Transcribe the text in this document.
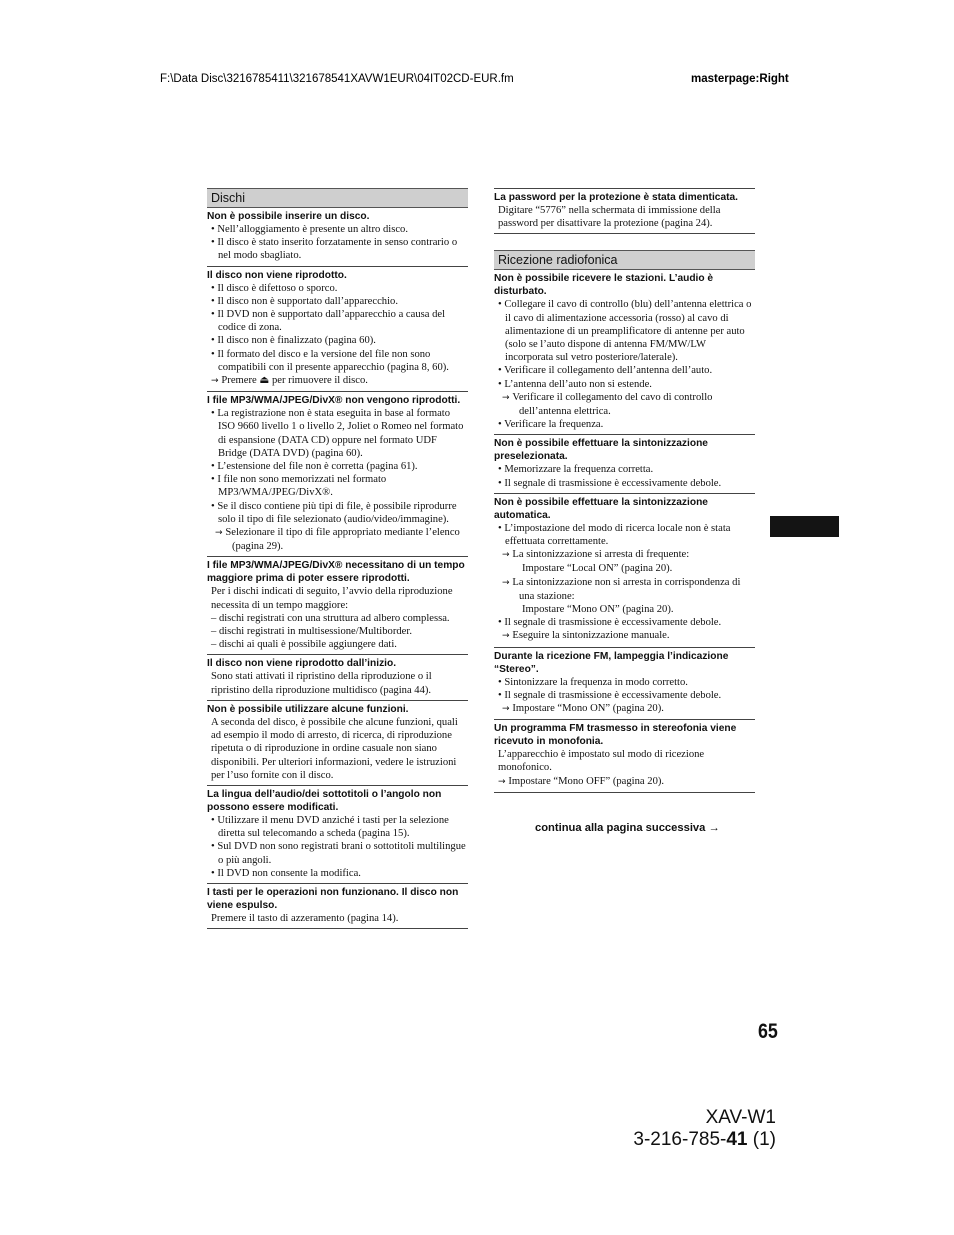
F:\Data Disc\3216785411\321678541XAVW1EUR\04IT02CD-EUR.fm	masterpage:Right
Dischi
Non è possibile inserire un disco.
• Nell’alloggiamento è presente un altro disco.
• Il disco è stato inserito forzatamente in senso contrario o nel modo sbagliato.
Il disco non viene riprodotto.
• Il disco è difettoso o sporco.
• Il disco non è supportato dall’apparecchio.
• Il DVD non è supportato dall’apparecchio a causa del codice di zona.
• Il disco non è finalizzato (pagina 60).
• Il formato del disco e la versione del file non sono compatibili con il presente apparecchio (pagina 8, 60).
→ Premere ⏏ per rimuovere il disco.
I file MP3/WMA/JPEG/DivX® non vengono riprodotti.
• La registrazione non è stata eseguita in base al formato ISO 9660 livello 1 o livello 2, Joliet o Romeo nel formato di espansione (DATA CD) oppure nel formato UDF Bridge (DATA DVD) (pagina 60).
• L’estensione del file non è corretta (pagina 61).
• I file non sono memorizzati nel formato MP3/WMA/JPEG/DivX®.
• Se il disco contiene più tipi di file, è possibile riprodurre solo il tipo di file selezionato (audio/video/immagine).
→ Selezionare il tipo di file appropriato mediante l’elenco (pagina 29).
I file MP3/WMA/JPEG/DivX® necessitano di un tempo maggiore prima di poter essere riprodotti.
Per i dischi indicati di seguito, l’avvio della riproduzione necessita di un tempo maggiore:
– dischi registrati con una struttura ad albero complessa.
– dischi registrati in multisessione/Multiborder.
– dischi ai quali è possibile aggiungere dati.
Il disco non viene riprodotto dall’inizio.
Sono stati attivati il ripristino della riproduzione o il ripristino della riproduzione multidisco (pagina 44).
Non è possibile utilizzare alcune funzioni.
A seconda del disco, è possibile che alcune funzioni, quali ad esempio il modo di arresto, di ricerca, di riproduzione ripetuta o di riproduzione in ordine casuale non siano disponibili. Per ulteriori informazioni, vedere le istruzioni per l’uso fornite con il disco.
La lingua dell’audio/dei sottotitoli o l’angolo non possono essere modificati.
• Utilizzare il menu DVD anziché i tasti per la selezione diretta sul telecomando a scheda (pagina 15).
• Sul DVD non sono registrati brani o sottotitoli multilingue o più angoli.
• Il DVD non consente la modifica.
I tasti per le operazioni non funzionano. Il disco non viene espulso.
Premere il tasto di azzeramento (pagina 14).
La password per la protezione è stata dimenticata.
Digitare “5776” nella schermata di immissione della password per disattivare la protezione (pagina 24).
Ricezione radiofonica
Non è possibile ricevere le stazioni. L’audio è disturbato.
• Collegare il cavo di controllo (blu) dell’antenna elettrica o il cavo di alimentazione accessoria (rosso) al cavo di alimentazione di un preamplificatore di antenne per auto (solo se l’auto dispone di antenna FM/MW/LW incorporata sul vetro posteriore/laterale).
• Verificare il collegamento dell’antenna dell’auto.
• L’antenna dell’auto non si estende.
→ Verificare il collegamento del cavo di controllo dell’antenna elettrica.
• Verificare la frequenza.
Non è possibile effettuare la sintonizzazione preselezionata.
• Memorizzare la frequenza corretta.
• Il segnale di trasmissione è eccessivamente debole.
Non è possibile effettuare la sintonizzazione automatica.
• L’impostazione del modo di ricerca locale non è stata effettuata correttamente.
→ La sintonizzazione si arresta di frequente:
Impostare “Local ON” (pagina 20).
→ La sintonizzazione non si arresta in corrispondenza di una stazione:
Impostare “Mono ON” (pagina 20).
• Il segnale di trasmissione è eccessivamente debole.
→ Eseguire la sintonizzazione manuale.
Durante la ricezione FM, lampeggia l’indicazione “Stereo”.
• Sintonizzare la frequenza in modo corretto.
• Il segnale di trasmissione è eccessivamente debole.
→ Impostare “Mono ON” (pagina 20).
Un programma FM trasmesso in stereofonia viene ricevuto in monofonia.
L’apparecchio è impostato sul modo di ricezione monofonico.
→ Impostare “Mono OFF” (pagina 20).
continua alla pagina successiva →
65
XAV-W1
3-216-785-41 (1)
